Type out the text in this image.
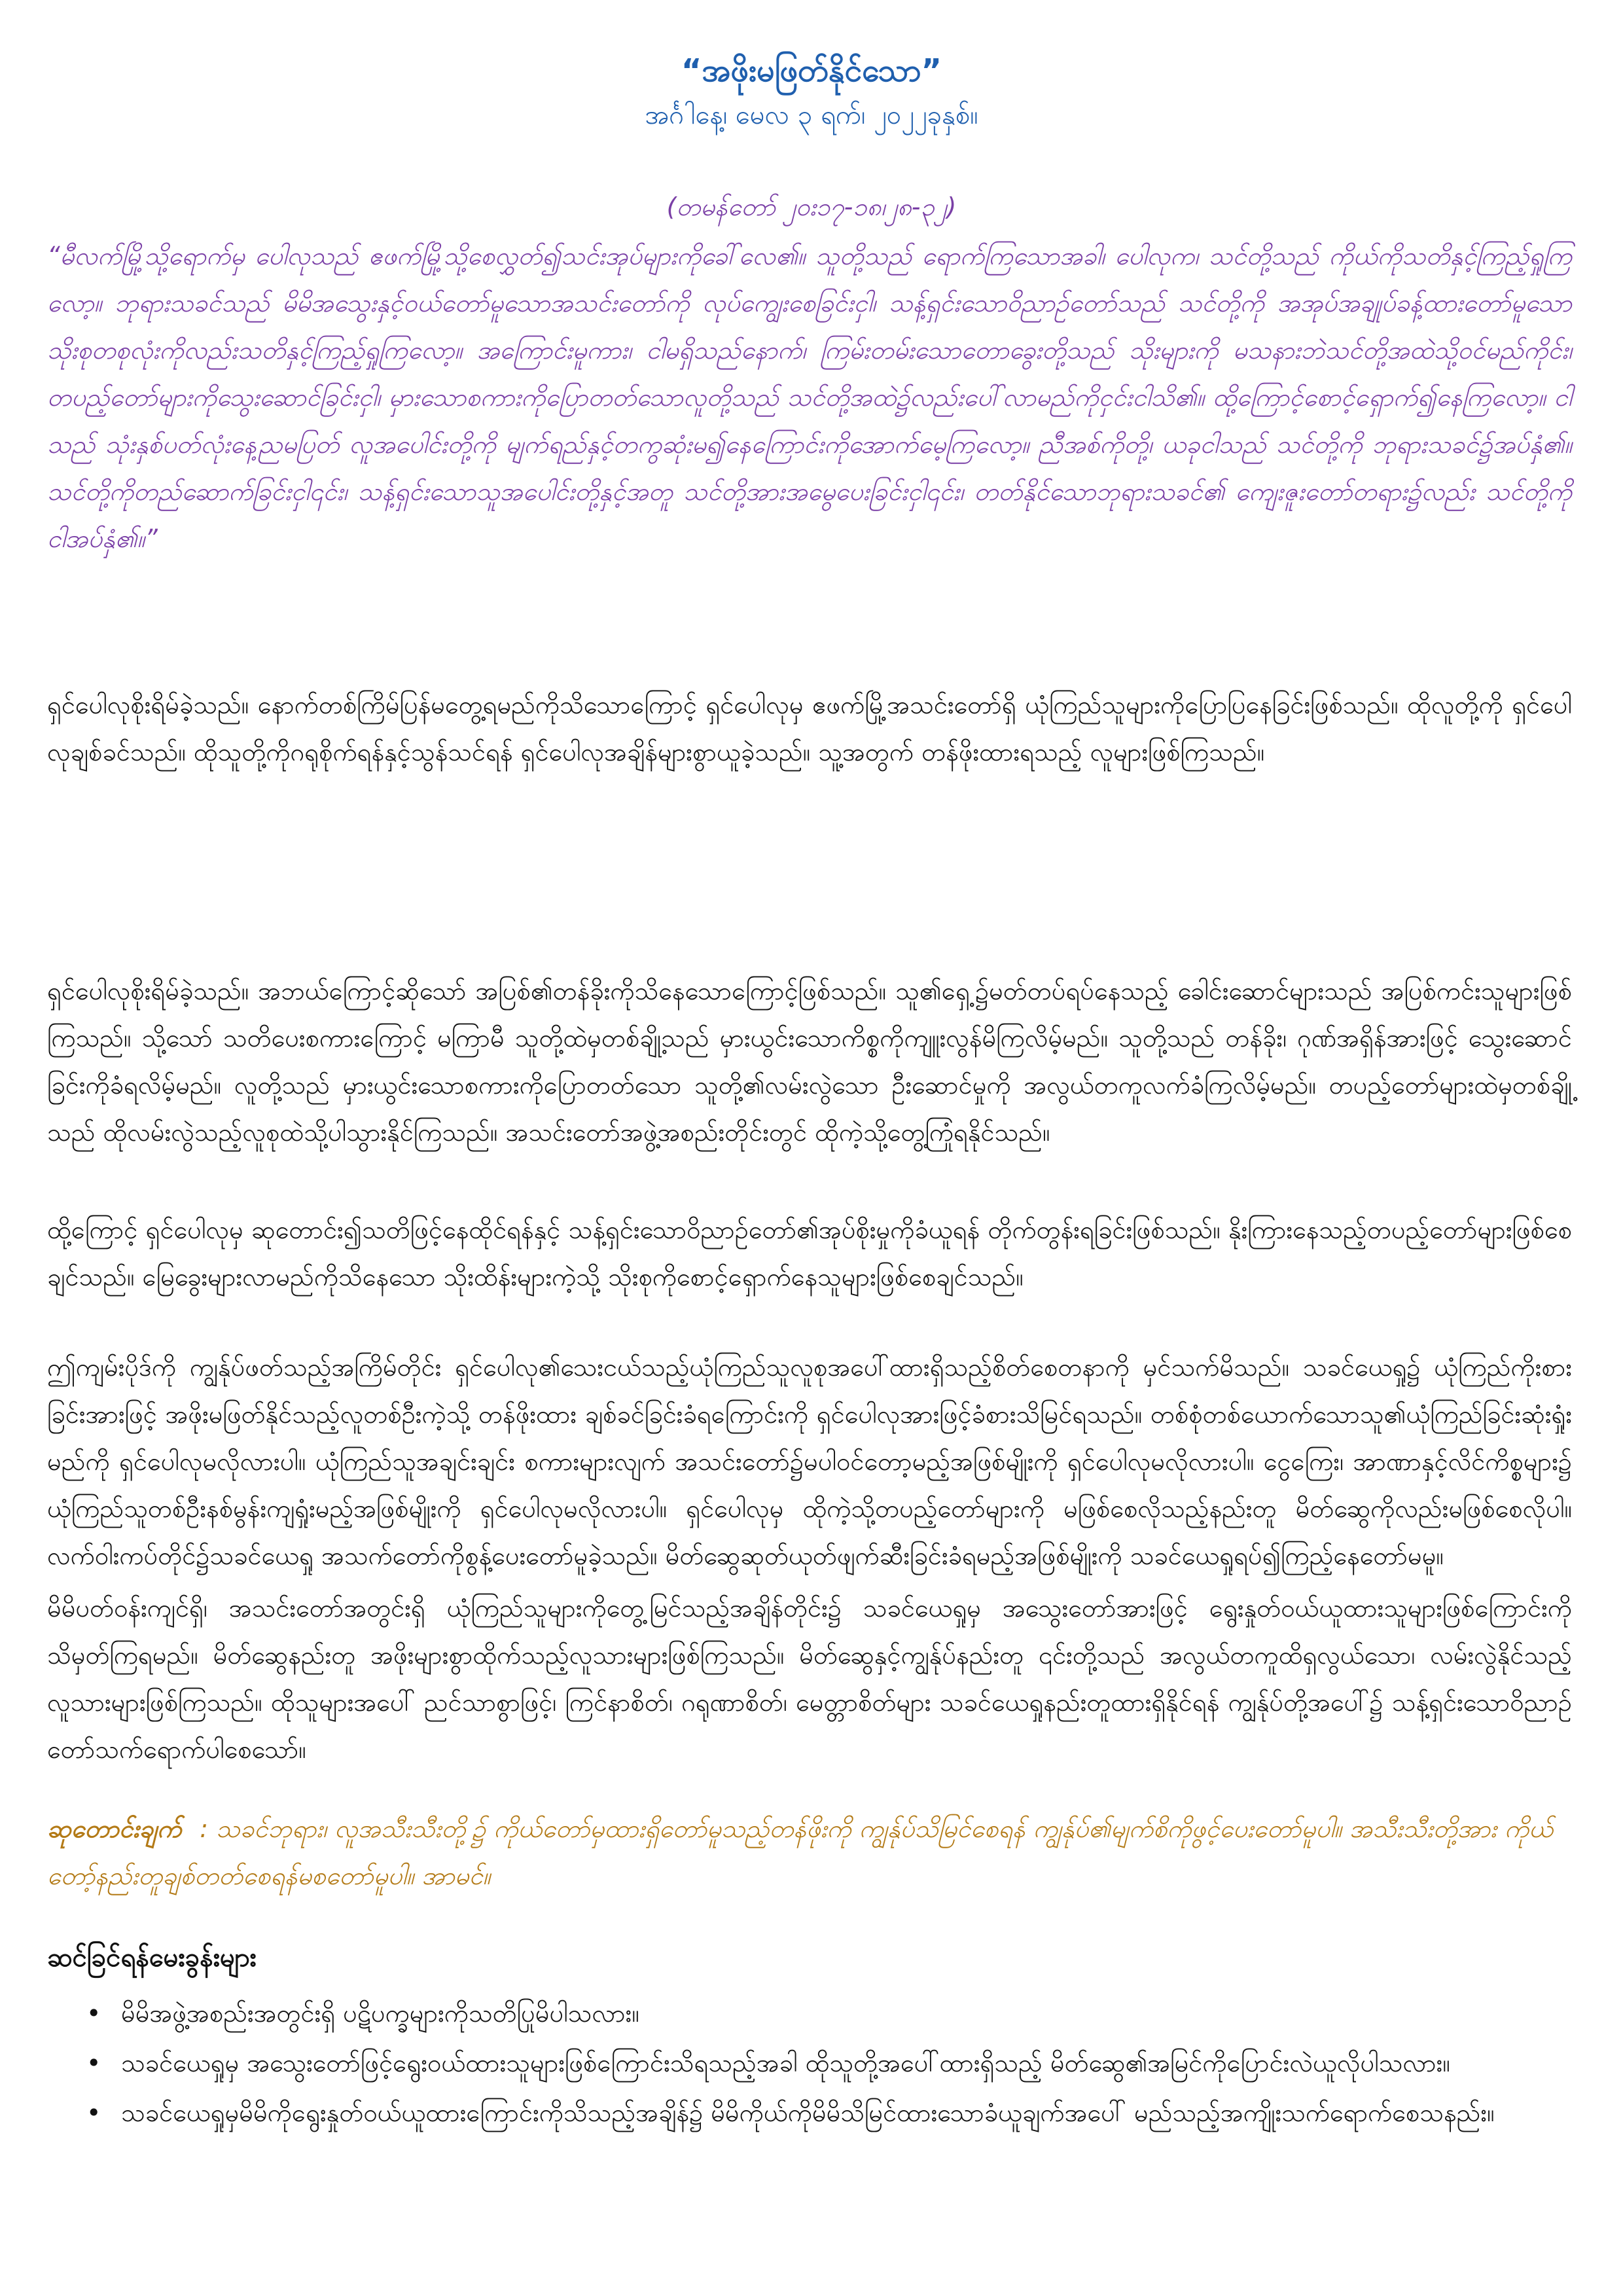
“အဖိုးမဖြတ်နိုင်သော”
အင်္ဂါနေ့၊ မေလ ၃ ရက်၊ ၂၀၂၂ခုနှစ်။
(တမန်တော် ၂၀း၁၇-၁၈၊၂၈-၃၂)
“မီလက်မြို့သို့ရောက်မှ ပေါလုသည် ဧဖက်မြို့သို့စေလွှတ်၍သင်းအုပ်များကိုခေါ်လေ၏။ သူတို့သည် ရောက်ကြသောအခါ၊ ပေါလုက၊ သင်တို့သည် ကိုယ်ကိုသတိနှင့်ကြည့်ရှုကြလော့။ ဘုရားသခင်သည် မိမိအသွေးနှင့်ဝယ်တော်မူသောအသင်းတော်ကို လုပ်ကျွေးစေခြင်းငှါ၊ သန့်ရှင်းသောဝိညာဉ်တော်သည် သင်တို့ကို အအုပ်အချုပ်ခန့်ထားတော်မူသော သိုးစုတစုလုံးကိုလည်းသတိနှင့်ကြည့်ရှုကြလော့။ အကြောင်းမူကား၊ ငါမရှိသည်နောက်၊ ကြမ်းတမ်းသောတောခွေးတို့သည် သိုးများကို မသနားဘဲသင်တို့အထဲသို့ဝင်မည်ကိုင်း၊ တပည့်တော်များကိုသွေးဆောင်ခြင်းငှါ၊ မှားသောစကားကိုပြောတတ်သောလူတို့သည် သင်တို့အထဲ၌လည်းပေါ်လာမည်ကိုငှင်းငါသိ၏။ ထို့ကြောင့်စောင့်ရှောက်၍နေကြလော့။ ငါသည် သုံးနှစ်ပတ်လုံးနေ့ညမပြတ် လူအပေါင်းတို့ကို မျက်ရည်နှင့်တကွဆုံးမ၍နေကြောင်းကိုအောက်မေ့ကြလော့။ ညီအစ်ကိုတို့၊ ယခုငါသည် သင်တို့ကို ဘုရားသခင်၌အပ်နှံ၏။ သင်တို့ကိုတည်ဆောက်ခြင်းငှါ၎င်း၊ သန့်ရှင်းသောသူအပေါင်းတို့နှင့်အတူ သင်တို့အားအမွေပေးခြင်းငှါ၎င်း၊ တတ်နိုင်သောဘုရားသခင်၏ ကျေးဇူးတော်တရား၌လည်း သင်တို့ကိုငါအပ်နှံ၏။”

ရှင်ပေါလုစိုးရိမ်ခဲ့သည်။ နောက်တစ်ကြိမ်ပြန်မတွေ့ရမည်ကိုသိသောကြောင့် ရှင်ပေါလုမှ ဧဖက်မြို့အသင်းတော်ရှိ ယုံကြည်သူများကိုပြောပြနေခြင်းဖြစ်သည်။ ထိုလူတို့ကို ရှင်ပေါလုချစ်ခင်သည်။ ထိုသူတို့ကိုဂရုစိုက်ရန်နှင့်သွန်သင်ရန် ရှင်ပေါလုအချိန်များစွာယူခဲ့သည်။ သူ့အတွက် တန်ဖိုးထားရသည့် လူများဖြစ်ကြသည်။

ရှင်ပေါလုစိုးရိမ်ခဲ့သည်။ အဘယ်ကြောင့်ဆိုသော် အပြစ်၏တန်ခိုးကိုသိနေသောကြောင့်ဖြစ်သည်။ သူ၏ရှေ့၌မတ်တပ်ရပ်နေသည့် ခေါင်းဆောင်များသည် အပြစ်ကင်းသူများဖြစ်ကြသည်။ သို့သော် သတိပေးစကားကြောင့် မကြာမီ သူတို့ထဲမှတစ်ချို့သည် မှားယွင်းသောကိစ္စကိုကျူးလွန်မိကြလိမ့်မည်။ သူတို့သည် တန်ခိုး၊ ဂုဏ်အရှိန်အားဖြင့် သွေးဆောင်ခြင်းကိုခံရလိမ့်မည်။ လူတို့သည် မှားယွင်းသောစကားကိုပြောတတ်သော သူတို့၏လမ်းလွဲသော ဦးဆောင်မှုကို အလွယ်တကူလက်ခံကြလိမ့်မည်။ တပည့်တော်များထဲမှတစ်ချို့သည် ထိုလမ်းလွဲသည့်လူစုထဲသို့ပါသွားနိုင်ကြသည်။ အသင်းတော်အဖွဲ့အစည်းတိုင်းတွင် ထိုကဲ့သို့တွေ့ကြုံရနိုင်သည်။

ထို့ကြောင့် ရှင်ပေါလုမှ ဆုတောင်း၍သတိဖြင့်နေထိုင်ရန်နှင့် သန့်ရှင်းသောဝိညာဉ်တော်၏အုပ်စိုးမှုကိုခံယူရန် တိုက်တွန်းရခြင်းဖြစ်သည်။ နိုးကြားနေသည့်တပည့်တော်များဖြစ်စေချင်သည်။ မြေခွေးများလာမည်ကိုသိနေသော သိုးထိန်းများကဲ့သို့ သိုးစုကိုစောင့်ရှောက်နေသူများဖြစ်စေချင်သည်။

ဤကျမ်းပိုဒ်ကို ကျွန်ုပ်ဖတ်သည့်အကြိမ်တိုင်း ရှင်ပေါလု၏သေးငယ်သည့်ယုံကြည်သူလူစုအပေါ်ထားရှိသည့်စိတ်စေတနာကို မှင်သက်မိသည်။ သခင်ယေရှု၌ ယုံကြည်ကိုးစားခြင်းအားဖြင့် အဖိုးမဖြတ်နိုင်သည့်လူတစ်ဦးကဲ့သို့ တန်ဖိုးထား ချစ်ခင်ခြင်းခံရကြောင်းကို ရှင်ပေါလုအားဖြင့်ခံစားသိမြင်ရသည်။ တစ်စုံတစ်ယောက်သောသူ၏ယုံကြည်ခြင်းဆုံးရှုံးမည်ကို ရှင်ပေါလုမလိုလားပါ။ ယုံကြည်သူအချင်းချင်း စကားများလျက် အသင်းတော်၌မပါဝင်တော့မည့်အဖြစ်မျိုးကို ရှင်ပေါလုမလိုလားပါ။ ငွေကြေး၊ အာဏာနှင့်လိင်ကိစ္စများ၌ ယုံကြည်သူတစ်ဦးနစ်မွန်းကျရှုံးမည့်အဖြစ်မျိုးကို ရှင်ပေါလုမလိုလားပါ။ ရှင်ပေါလုမှ ထိုကဲ့သို့တပည့်တော်များကို မဖြစ်စေလိုသည့်နည်းတူ မိတ်ဆွေကိုလည်းမဖြစ်စေလိုပါ။ လက်ဝါးကပ်တိုင်၌သခင်ယေရှု အသက်တော်ကိုစွန့်ပေးတော်မူခဲ့သည်။ မိတ်ဆွေဆုတ်ယုတ်ဖျက်ဆီးခြင်းခံရမည့်အဖြစ်မျိုးကို သခင်ယေရှုရပ်၍ကြည့်နေတော်မမူ။

မိမိပတ်ဝန်းကျင်ရှိ၊ အသင်းတော်အတွင်းရှိ ယုံကြည်သူများကိုတွေ့မြင်သည့်အချိန်တိုင်း၌ သခင်ယေရှုမှ အသွေးတော်အားဖြင့် ရွေးနှုတ်ဝယ်ယူထားသူများဖြစ်ကြောင်းကို သိမှတ်ကြရမည်။ မိတ်ဆွေနည်းတူ အဖိုးများစွာထိုက်သည့်လူသားများဖြစ်ကြသည်။ မိတ်ဆွေနှင့်ကျွန်ုပ်နည်းတူ ၎င်းတို့သည် အလွယ်တကူထိရှလွယ်သော၊ လမ်းလွဲနိုင်သည့်လူသားများဖြစ်ကြသည်။ ထိုသူများအပေါ် ညင်သာစွာဖြင့်၊ ကြင်နာစိတ်၊ ဂရုဏာစိတ်၊ မေတ္တာစိတ်များ သခင်ယေရှုနည်းတူထားရှိနိုင်ရန် ကျွန်ုပ်တို့အပေါ်၌ သန့်ရှင်းသောဝိညာဉ်တော်သက်ရောက်ပါစေသော်။

ဆုတောင်းချက် : သခင်ဘုရား၊ လူအသီးသီးတို့၌ ကိုယ်တော်မှထားရှိတော်မူသည့်တန်ဖိုးကို ကျွန်ုပ်သိမြင်စေရန် ကျွန်ုပ်၏မျက်စိကိုဖွင့်ပေးတော်မူပါ။ အသီးသီးတို့အား ကိုယ်တော့်နည်းတူချစ်တတ်စေရန်မစတော်မူပါ။ အာမင်။
ဆင်ခြင်ရန်မေးခွန်းများ
• မိမိအဖွဲ့အစည်းအတွင်းရှိ ပဋိပက္ခများကိုသတိပြုမိပါသလား။
• သခင်ယေရှုမှ အသွေးတော်ဖြင့်ရွေးဝယ်ထားသူများဖြစ်ကြောင်းသိရသည့်အခါ ထိုသူတို့အပေါ်ထားရှိသည့် မိတ်ဆွေ၏အမြင်ကိုပြောင်းလဲယူလိုပါသလား။
• သခင်ယေရှုမှမိမိကိုရွေးနှုတ်ဝယ်ယူထားကြောင်းကိုသိသည့်အချိန်၌ မိမိကိုယ်ကိုမိမိသိမြင်ထားသောခံယူချက်အပေါ် မည်သည့်အကျိုးသက်ရောက်စေသနည်း။
